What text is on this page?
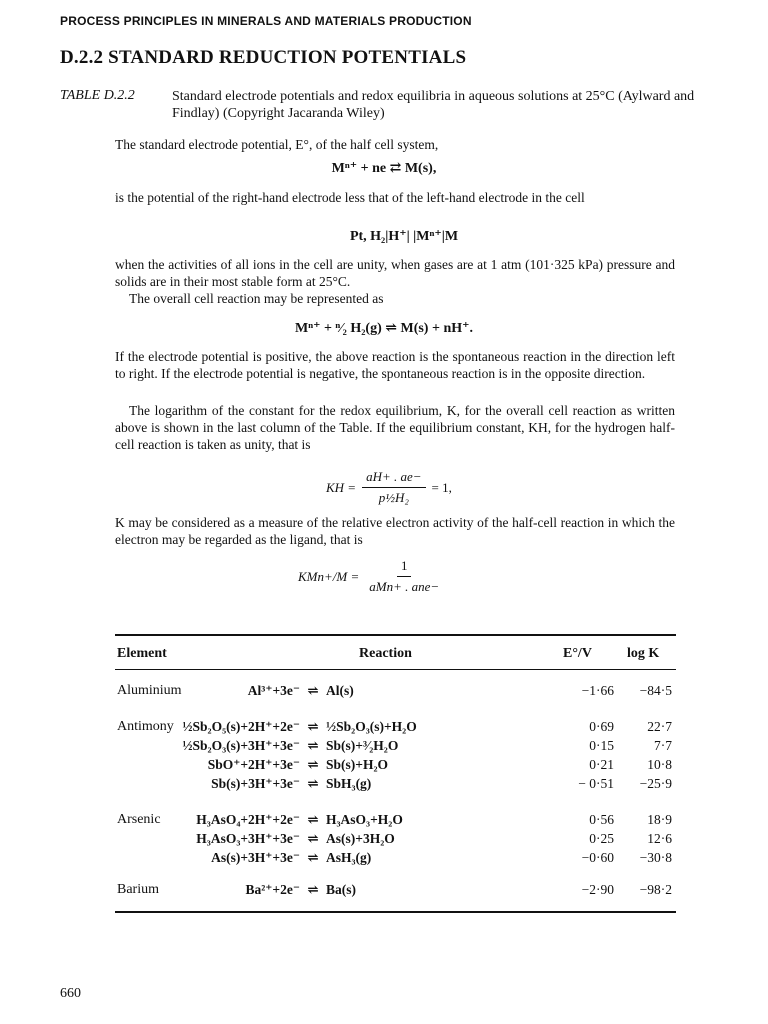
PROCESS PRINCIPLES IN MINERALS AND MATERIALS PRODUCTION
D.2.2 STANDARD REDUCTION POTENTIALS
TABLE D.2.2	Standard electrode potentials and redox equilibria in aqueous solutions at 25°C (Aylward and Findlay) (Copyright Jacaranda Wiley)
The standard electrode potential, E°, of the half cell system,
Mⁿ⁺ + ne ⇄ M(s),
is the potential of the right-hand electrode less that of the left-hand electrode in the cell
Pt, H₂|H⁺| |Mⁿ⁺|M
when the activities of all ions in the cell are unity, when gases are at 1 atm (101·325 kPa) pressure and solids are in their most stable form at 25°C.
The overall cell reaction may be represented as
Mⁿ⁺ + ⁿ⁄₂ H₂(g) ⇌ M(s) + nH⁺.
If the electrode potential is positive, the above reaction is the spontaneous reaction in the direction left to right. If the electrode potential is negative, the spontaneous reaction is in the opposite direction.
The logarithm of the constant for the redox equilibrium, K, for the overall cell reaction as written above is shown in the last column of the Table. If the equilibrium constant, KH, for the hydrogen half-cell reaction is taken as unity, that is
KH = $\frac{aH+ . ae-}{\text{p½H₂}} = 1$,
K may be considered as a measure of the relative electron activity of the half-cell reaction in which the electron may be regarded as the ligand, that is
$KMn+/M = \frac{1}{\text{aMn+ . anе−}}$
Element	Reaction	E°/V	log K
Aluminium	Al³⁺+3e⁻ ⇌ Al(s)	−1·66 −84·5
Antimony ½Sb₂O₅(s)+2H⁺+2e⁻ ⇌ ½Sb₂O₃(s)+H₂O	0·69 22·7
½Sb₂O₃(s)+3H⁺+3e⁻ ⇌ Sb(s)+³⁄₂H₂O	0·15	7·7
SbO⁺+2H⁺+3e⁻ ⇌ Sb(s)+H₂O	0·21 10·8
Sb(s)+3H⁺+3e⁻ ⇌ SbH₃(g)	− 0·51 −25·9
Arsenic	H₃AsO₄+2H⁺+2e⁻ ⇌ H₃AsO₃+H₂O	0·56 18·9
H₃AsO₃+3H⁺+3e⁻ ⇌ As(s)+3H₂O	0·25 12·6
As(s)+3H⁺+3e⁻ ⇌ AsH₃(g)	−0·60 −30·8
Barium	Ba²⁺+2e⁻ ⇌ Ba(s)	−2·90 −98·2
660
